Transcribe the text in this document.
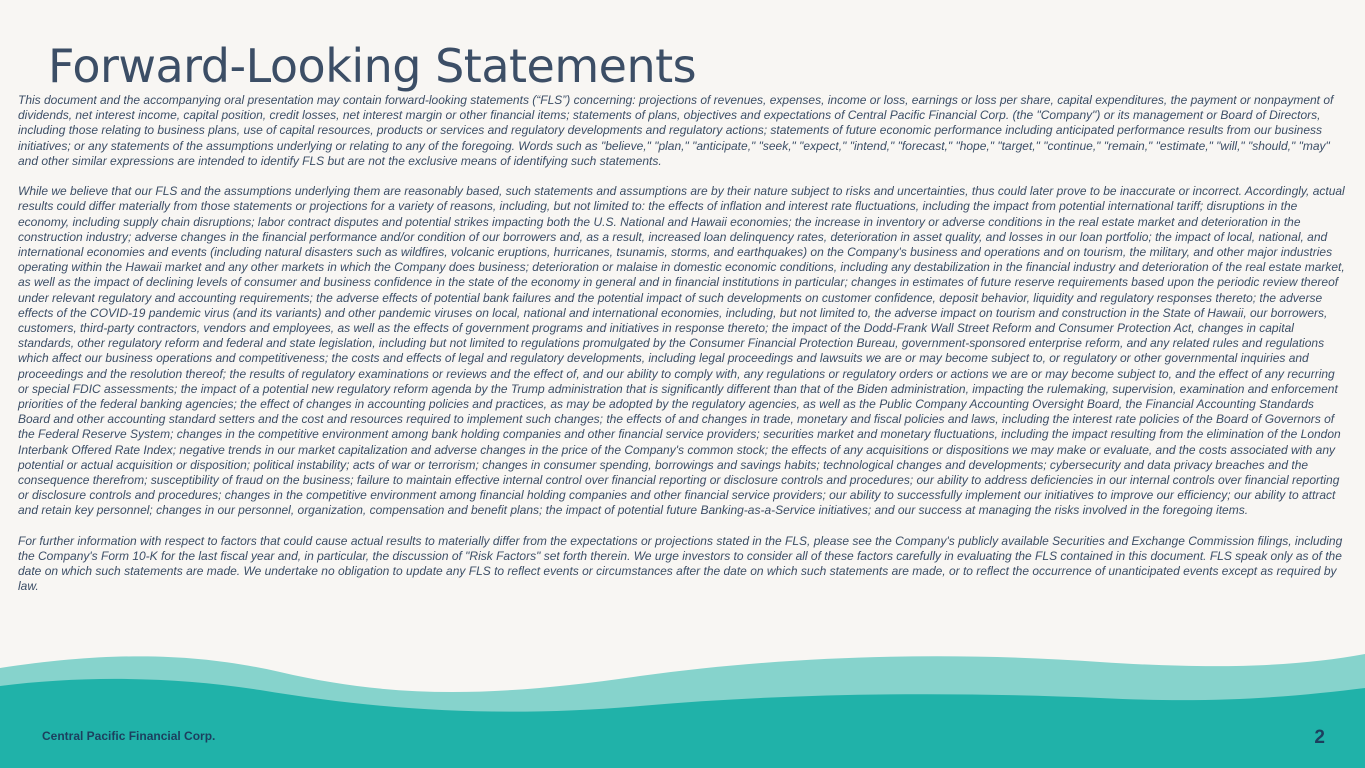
Forward-Looking Statements

This document and the accompanying oral presentation may contain forward-looking statements (“FLS”) concerning: projections of revenues, expenses, income or loss, earnings or loss per share, capital expenditures, the payment or nonpayment of dividends, net interest income, capital position, credit losses, net interest margin or other financial items; statements of plans, objectives and expectations of Central Pacific Financial Corp. (the "Company") or its management or Board of Directors, including those relating to business plans, use of capital resources, products or services and regulatory developments and regulatory actions; statements of future economic performance including anticipated performance results from our business initiatives; or any statements of the assumptions underlying or relating to any of the foregoing. Words such as "believe," "plan," "anticipate," "seek," "expect," "intend," "forecast," "hope," "target," "continue," "remain," "estimate," "will," "should," "may" and other similar expressions are intended to identify FLS but are not the exclusive means of identifying such statements.

While we believe that our FLS and the assumptions underlying them are reasonably based, such statements and assumptions are by their nature subject to risks and uncertainties, thus could later prove to be inaccurate or incorrect. Accordingly, actual results could differ materially from those statements or projections for a variety of reasons, including, but not limited to: the effects of inflation and interest rate fluctuations, including the impact from potential international tariff; disruptions in the economy, including supply chain disruptions; labor contract disputes and potential strikes impacting both the U.S. National and Hawaii economies; the increase in inventory or adverse conditions in the real estate market and deterioration in the construction industry; adverse changes in the financial performance and/or condition of our borrowers and, as a result, increased loan delinquency rates, deterioration in asset quality, and losses in our loan portfolio; the impact of local, national, and international economies and events (including natural disasters such as wildfires, volcanic eruptions, hurricanes, tsunamis, storms, and earthquakes) on the Company's business and operations and on tourism, the military, and other major industries operating within the Hawaii market and any other markets in which the Company does business; deterioration or malaise in domestic economic conditions, including any destabilization in the financial industry and deterioration of the real estate market, as well as the impact of declining levels of consumer and business confidence in the state of the economy in general and in financial institutions in particular; changes in estimates of future reserve requirements based upon the periodic review thereof under relevant regulatory and accounting requirements; the adverse effects of potential bank failures and the potential impact of such developments on customer confidence, deposit behavior, liquidity and regulatory responses thereto; the adverse effects of the COVID-19 pandemic virus (and its variants) and other pandemic viruses on local, national and international economies, including, but not limited to, the adverse impact on tourism and construction in the State of Hawaii, our borrowers, customers, third-party contractors, vendors and employees, as well as the effects of government programs and initiatives in response thereto; the impact of the Dodd-Frank Wall Street Reform and Consumer Protection Act, changes in capital standards, other regulatory reform and federal and state legislation, including but not limited to regulations promulgated by the Consumer Financial Protection Bureau, government-sponsored enterprise reform, and any related rules and regulations which affect our business operations and competitiveness; the costs and effects of legal and regulatory developments, including legal proceedings and lawsuits we are or may become subject to, or regulatory or other governmental inquiries and proceedings and the resolution thereof; the results of regulatory examinations or reviews and the effect of, and our ability to comply with, any regulations or regulatory orders or actions we are or may become subject to, and the effect of any recurring or special FDIC assessments; the impact of a potential new regulatory reform agenda by the Trump administration that is significantly different than that of the Biden administration, impacting the rulemaking, supervision, examination and enforcement priorities of the federal banking agencies; the effect of changes in accounting policies and practices, as may be adopted by the regulatory agencies, as well as the Public Company Accounting Oversight Board, the Financial Accounting Standards Board and other accounting standard setters and the cost and resources required to implement such changes; the effects of and changes in trade, monetary and fiscal policies and laws, including the interest rate policies of the Board of Governors of the Federal Reserve System; changes in the competitive environment among bank holding companies and other financial service providers; securities market and monetary fluctuations, including the impact resulting from the elimination of the London Interbank Offered Rate Index; negative trends in our market capitalization and adverse changes in the price of the Company's common stock; the effects of any acquisitions or dispositions we may make or evaluate, and the costs associated with any potential or actual acquisition or disposition; political instability; acts of war or terrorism; changes in consumer spending, borrowings and savings habits; technological changes and developments; cybersecurity and data privacy breaches and the consequence therefrom; susceptibility of fraud on the business; failure to maintain effective internal control over financial reporting or disclosure controls and procedures; our ability to address deficiencies in our internal controls over financial reporting or disclosure controls and procedures; changes in the competitive environment among financial holding companies and other financial service providers; our ability to successfully implement our initiatives to improve our efficiency; our ability to attract and retain key personnel; changes in our personnel, organization, compensation and benefit plans; the impact of potential future Banking-as-a-Service initiatives; and our success at managing the risks involved in the foregoing items.

For further information with respect to factors that could cause actual results to materially differ from the expectations or projections stated in the FLS, please see the Company's publicly available Securities and Exchange Commission filings, including the Company's Form 10-K for the last fiscal year and, in particular, the discussion of "Risk Factors" set forth therein. We urge investors to consider all of these factors carefully in evaluating the FLS contained in this document. FLS speak only as of the date on which such statements are made. We undertake no obligation to update any FLS to reflect events or circumstances after the date on which such statements are made, or to reflect the occurrence of unanticipated events except as required by law.

Central Pacific Financial Corp.	2
